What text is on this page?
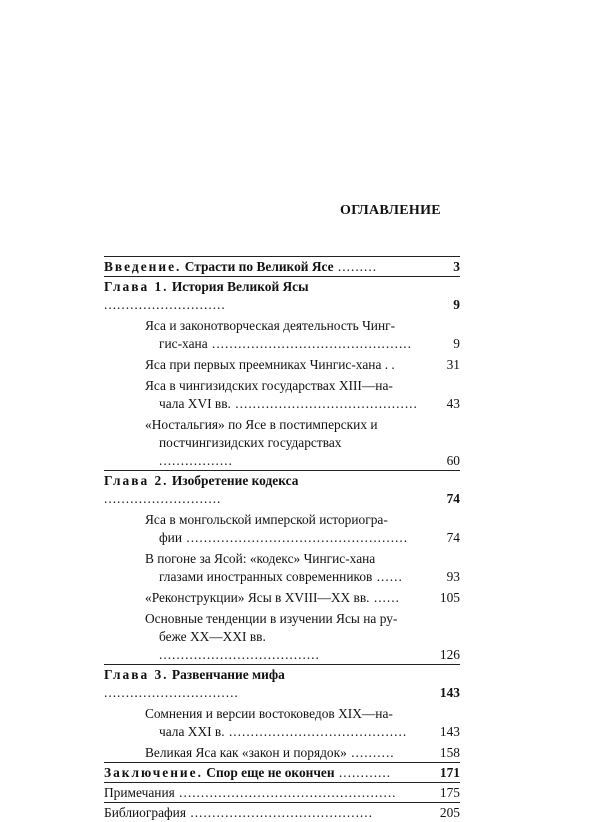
ОГЛАВЛЕНИЕ
Введение. Страсти по Великой Ясе .........	3
Глава 1. История Великой Ясы ............................	9
Яса и законотворческая деятельность Чинг-
гис-хана ..............................................	9
Яса при первых преемниках Чингис-хана . .	31
Яса в чингизидских государствах XIII—на-
чала XVI вв. ..........................................	43
«Ностальгия» по Ясе в постимперских и
постчингизидских государствах .................	60
Глава 2. Изобретение кодекса ...........................	74
Яса в монгольской имперской историогра-
фии ...................................................	74
В погоне за Ясой: «кодекс» Чингис-хана
глазами иностранных современников ......	93
«Реконструкции» Ясы в XVIII—XX вв. ......	105
Основные тенденции в изучении Ясы на ру-
беже XX—XXI вв. .....................................	126
Глава 3. Развенчание мифа ...............................	143
Сомнения и версии востоковедов XIX—на-
чала XXI в. .........................................	143
Великая Яса как «закон и порядок» ..........	158
Заключение. Спор еще не окончен ............	171
Примечания ..................................................	175
Библиография ..........................................	205
